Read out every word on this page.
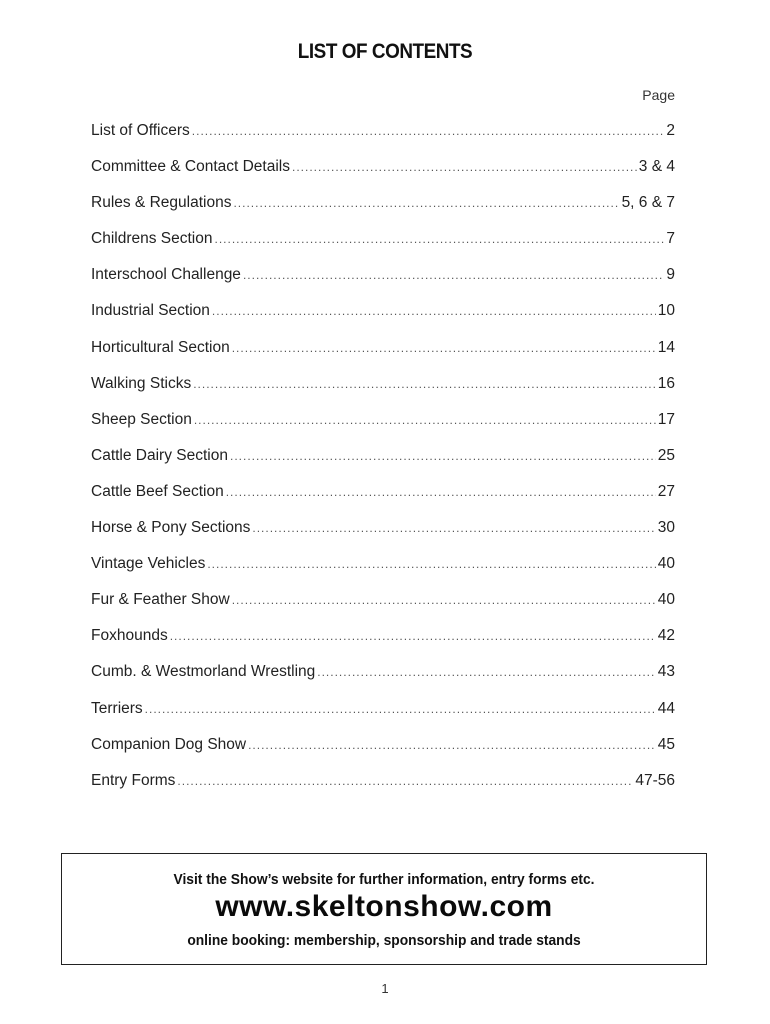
LIST OF CONTENTS
Page
List of Officers .....	2
Committee & Contact Details .....	3 & 4
Rules & Regulations .....	5, 6 & 7
Childrens Section .....	7
Interschool Challenge .....	9
Industrial Section .....	10
Horticultural Section .....	14
Walking Sticks .....	16
Sheep Section .....	17
Cattle Dairy Section .....	25
Cattle Beef Section .....	27
Horse & Pony Sections .....	30
Vintage Vehicles .....	40
Fur & Feather Show .....	40
Foxhounds .....	42
Cumb. & Westmorland Wrestling .....	43
Terriers .....	44
Companion Dog Show .....	45
Entry Forms .....	47-56
Visit the Show’s website for further information, entry forms etc.
www.skeltonshow.com
online booking: membership, sponsorship and trade stands
1
